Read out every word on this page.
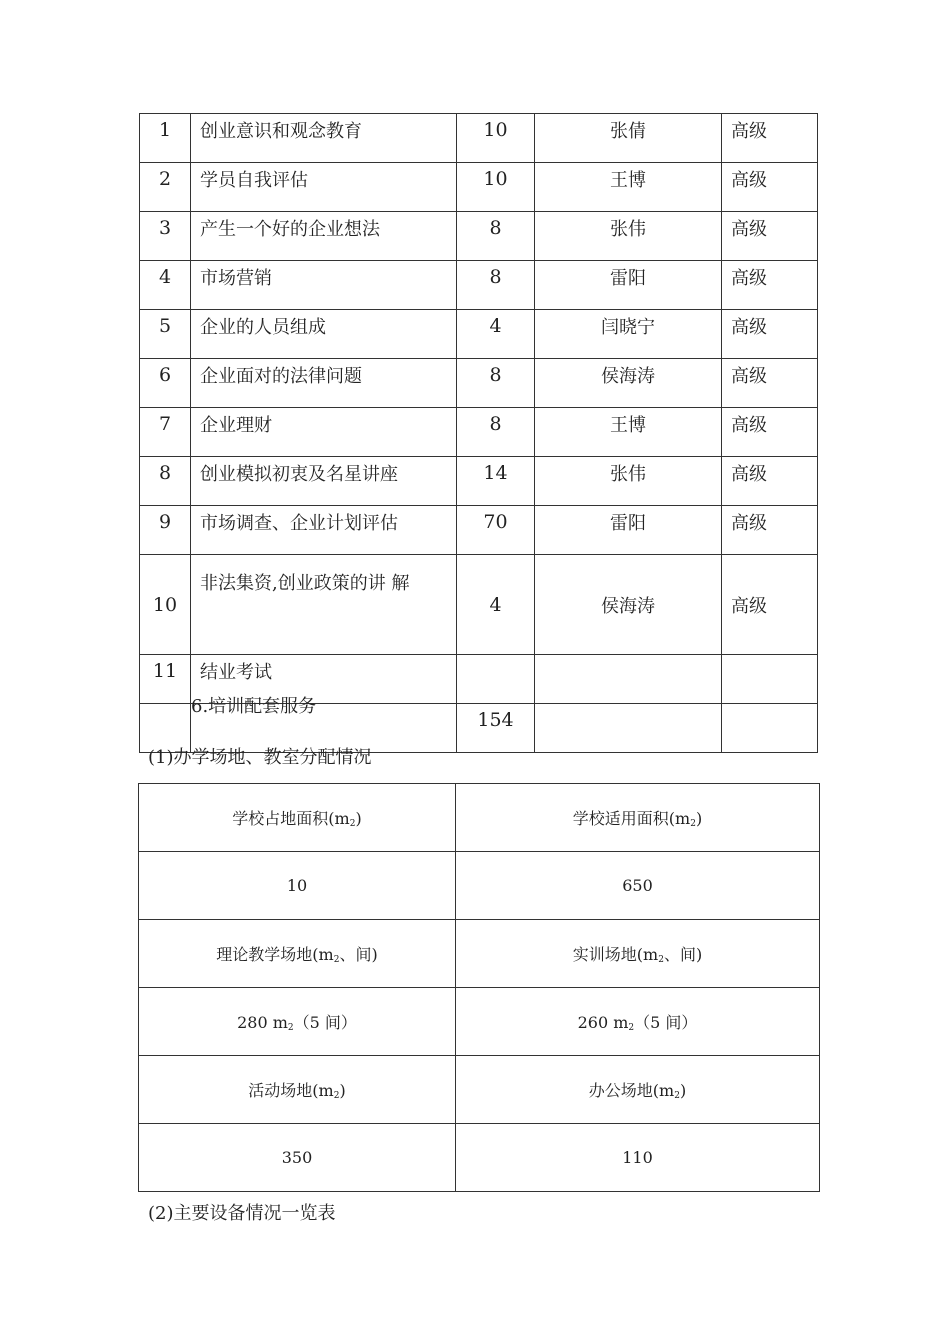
1	创业意识和观念教育	10	张倩	高级
2	学员自我评估	10	王博	高级
3	产生一个好的企业想法	8	张伟	高级
4	市场营销	8	雷阳	高级
5	企业的人员组成	4	闫晓宁	高级
6	企业面对的法律问题	8	侯海涛	高级
7	企业理财	8	王博	高级
8	创业模拟初衷及名星讲座	14	张伟	高级
9	市场调查、企业计划评估	70	雷阳	高级
10	非法集资,创业政策的讲 解	4	侯海涛	高级
11	结业考试			
		154		
6.培训配套服务
(1)办学场地、教室分配情况
学校占地面积$(m_2)$	学校适用面积$(m_2)$
10	650
理论教学场地($m_2$、间)	实训场地($m_2$、间)
280 $m_2(5$ 间）	260 $m_2(5$ 间）
活动场地$(m_2)$	办公场地$(m_2)$
350	110
(2)主要设备情况一览表
